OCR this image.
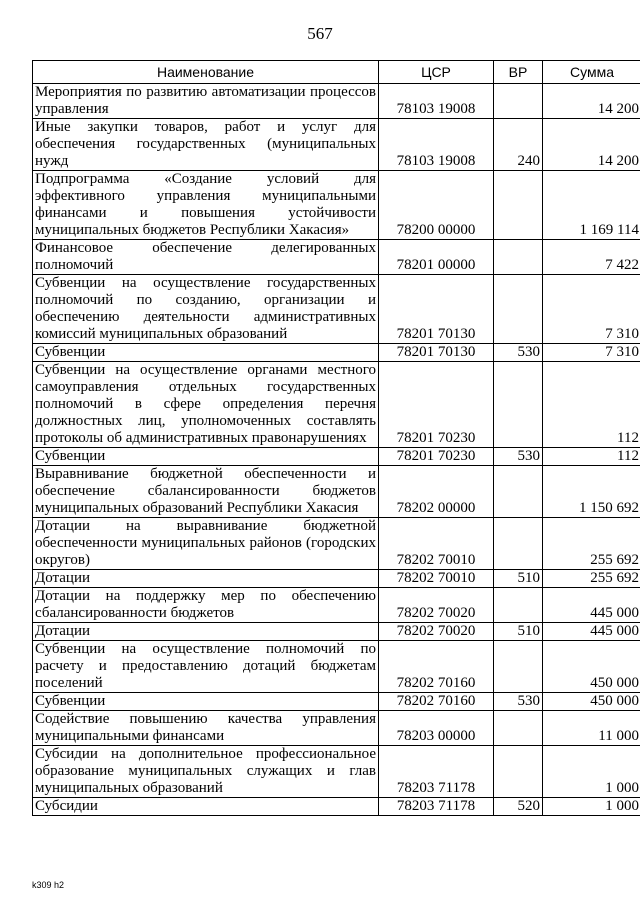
567
Наименование	ЦСР	ВР	Сумма
Мероприятия по развитию автоматизации процессов управления	78103 19008		14 200
Иные закупки товаров, работ и услуг для обеспечения государственных (муниципальных нужд	78103 19008	240	14 200
Подпрограмма «Создание условий для эффективного управления муниципальными финансами и повышения устойчивости муниципальных бюджетов Республики Хакасия»	78200 00000		1 169 114
Финансовое обеспечение делегированных полномочий	78201 00000		7 422
Субвенции на осуществление государственных полномочий по созданию, организации и обеспечению деятельности административных комиссий муниципальных образований	78201 70130		7 310
Субвенции	78201 70130	530	7 310
Субвенции на осуществление органами местного самоуправления отдельных государственных полномочий в сфере определения перечня должностных лиц, уполномоченных составлять протоколы об административных правонарушениях	78201 70230		112
Субвенции	78201 70230	530	112
Выравнивание бюджетной обеспеченности и обеспечение сбалансированности бюджетов муниципальных образований Республики Хакасия	78202 00000		1 150 692
Дотации на выравнивание бюджетной обеспеченности муниципальных районов (городских округов)	78202 70010		255 692
Дотации	78202 70010	510	255 692
Дотации на поддержку мер по обеспечению сбалансированности бюджетов	78202 70020		445 000
Дотации	78202 70020	510	445 000
Субвенции на осуществление полномочий по расчету и предоставлению дотаций бюджетам поселений	78202 70160		450 000
Субвенции	78202 70160	530	450 000
Содействие повышению качества управления муниципальными финансами	78203 00000		11 000
Субсидии на дополнительное профессиональное образование муниципальных служащих и глав муниципальных образований	78203 71178		1 000
Субсидии	78203 71178	520	1 000
k309 h2
